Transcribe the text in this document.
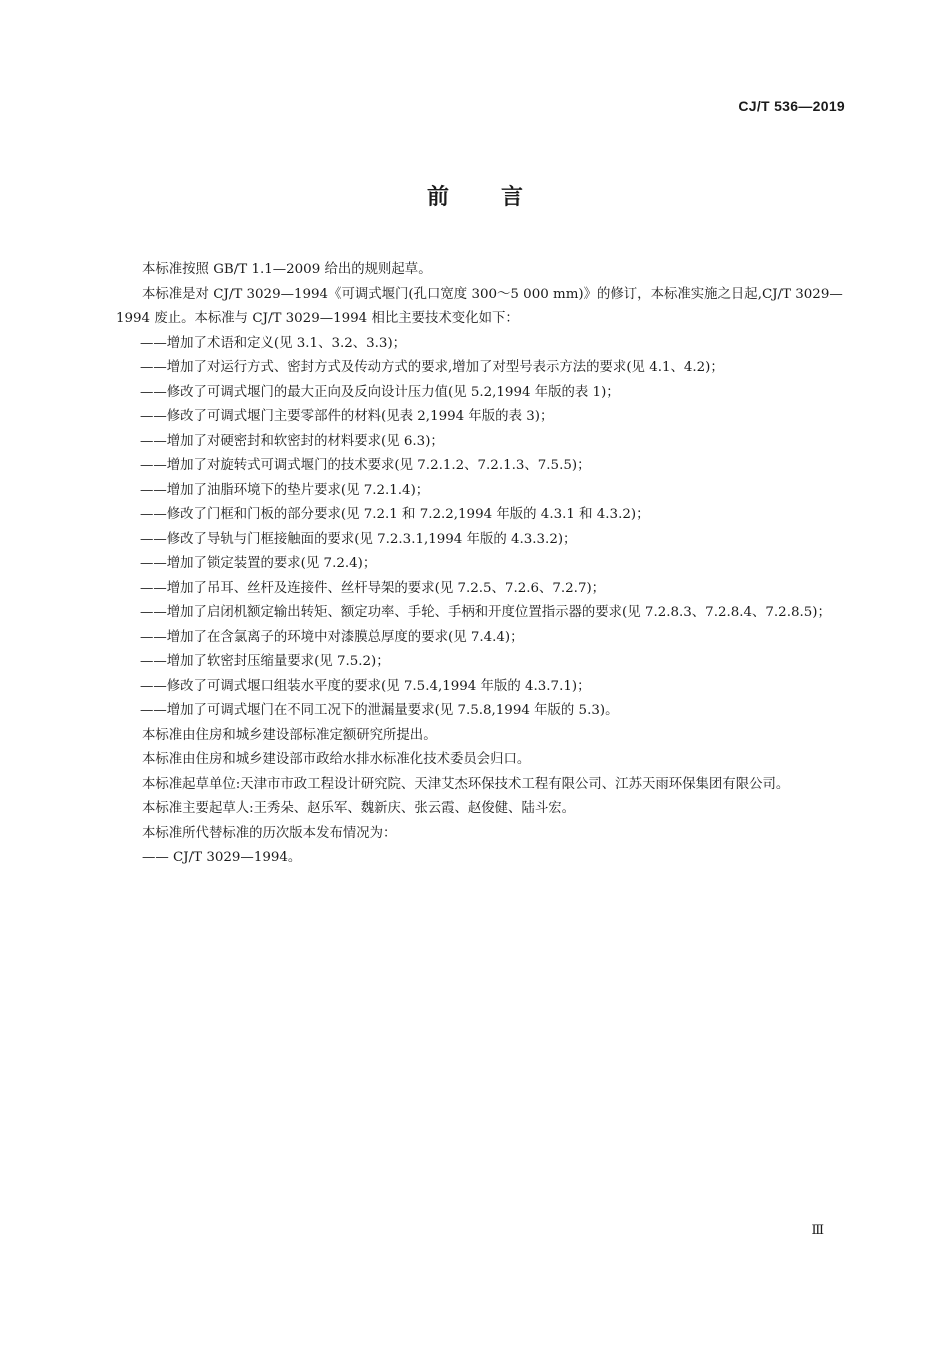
CJ/T 536—2019
前言

本标准按照 GB/T 1.1—2009 给出的规则起草。

本标准是对 CJ/T 3029—1994《可调式堰门(孔口宽度 300～5 000 mm)》的修订，本标准实施之日起,CJ/T 3029—1994 废止。本标准与 CJ/T 3029—1994 相比主要技术变化如下：

——增加了术语和定义(见 3.1、3.2、3.3)；

——增加了对运行方式、密封方式及传动方式的要求,增加了对型号表示方法的要求(见 4.1、4.2)；

——修改了可调式堰门的最大正向及反向设计压力值(见 5.2,1994 年版的表 1)；

——修改了可调式堰门主要零部件的材料(见表 2,1994 年版的表 3)；

——增加了对硬密封和软密封的材料要求(见 6.3)；

——增加了对旋转式可调式堰门的技术要求(见 7.2.1.2、7.2.1.3、7.5.5)；

——增加了油脂环境下的垫片要求(见 7.2.1.4)；

——修改了门框和门板的部分要求(见 7.2.1 和 7.2.2,1994 年版的 4.3.1 和 4.3.2)；

——修改了导轨与门框接触面的要求(见 7.2.3.1,1994 年版的 4.3.3.2)；

——增加了锁定装置的要求(见 7.2.4)；

——增加了吊耳、丝杆及连接件、丝杆导架的要求(见 7.2.5、7.2.6、7.2.7)；

——增加了启闭机额定输出转矩、额定功率、手轮、手柄和开度位置指示器的要求(见 7.2.8.3、7.2.8.4、7.2.8.5)；

——增加了在含氯离子的环境中对漆膜总厚度的要求(见 7.4.4)；

——增加了软密封压缩量要求(见 7.5.2)；

——修改了可调式堰口组装水平度的要求(见 7.5.4,1994 年版的 4.3.7.1)；

——增加了可调式堰门在不同工况下的泄漏量要求(见 7.5.8,1994 年版的 5.3)。

本标准由住房和城乡建设部标准定额研究所提出。

本标准由住房和城乡建设部市政给水排水标准化技术委员会归口。

本标准起草单位:天津市市政工程设计研究院、天津艾杰环保技术工程有限公司、江苏天雨环保集团有限公司。

本标准主要起草人:王秀朵、赵乐军、魏新庆、张云霞、赵俊健、陆斗宏。

本标准所代替标准的历次版本发布情况为：

—— CJ/T 3029—1994。

Ⅲ
